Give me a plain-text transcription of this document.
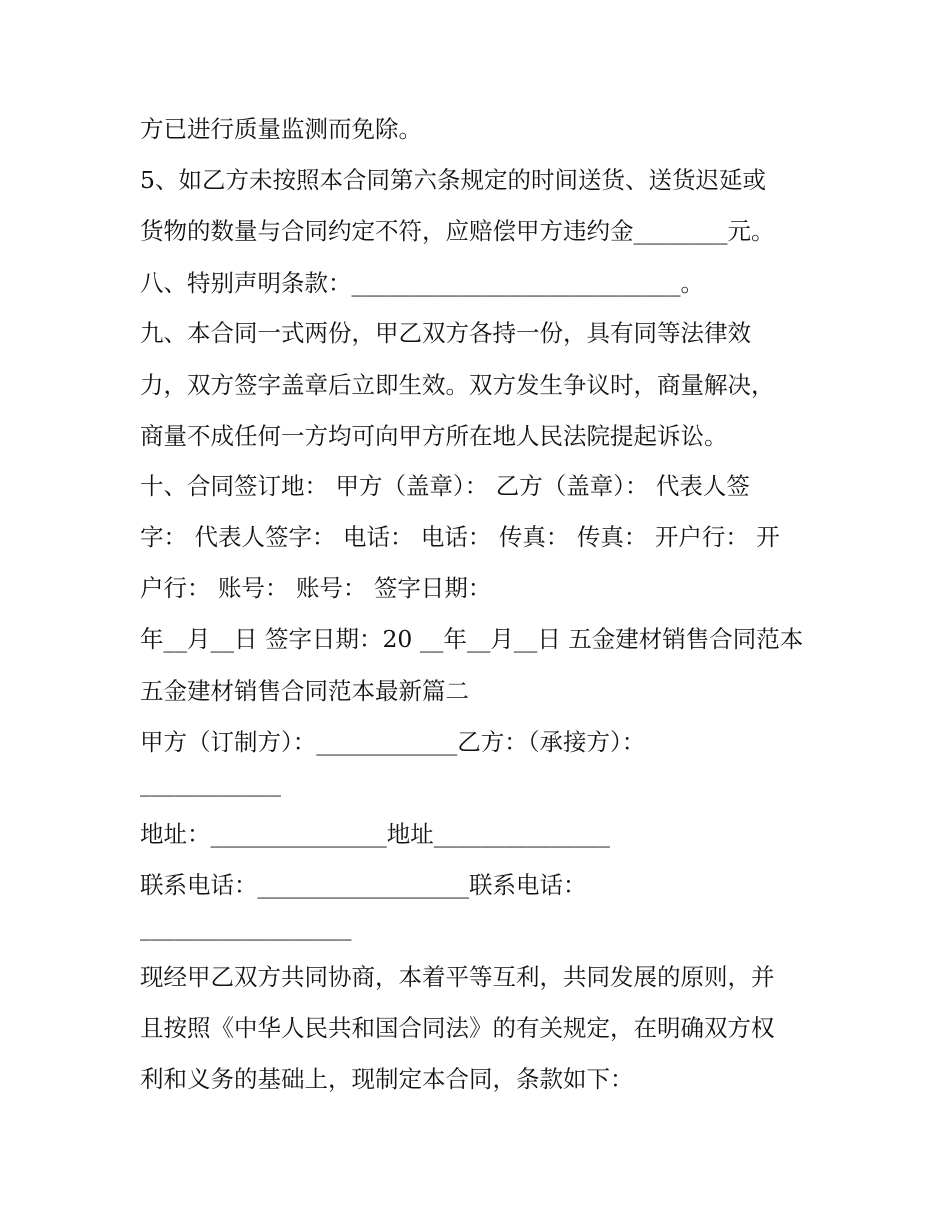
方已进行质量监测而免除。

5、如乙方未按照本合同第六条规定的时间送货、送货迟延或

货物的数量与合同约定不符，应赔偿甲方违约金________元。

八、特别声明条款：____________________________。

九、本合同一式两份，甲乙双方各持一份，具有同等法律效

力，双方签字盖章后立即生效。双方发生争议时，商量解决，

商量不成任何一方均可向甲方所在地人民法院提起诉讼。

十、合同签订地： 甲方（盖章）： 乙方（盖章）： 代表人签

字： 代表人签字： 电话： 电话： 传真： 传真： 开户行： 开

户行： 账号： 账号： 签字日期：

年__月__日 签字日期：20 __年__月__日 五金建材销售合同范本

五金建材销售合同范本最新篇二

甲方（订制方）：____________乙方：（承接方）：

____________

地址：_______________地址_______________

联系电话：__________________联系电话：

__________________

现经甲乙双方共同协商，本着平等互利，共同发展的原则，并

且按照《中华人民共和国合同法》的有关规定，在明确双方权

利和义务的基础上，现制定本合同，条款如下：
